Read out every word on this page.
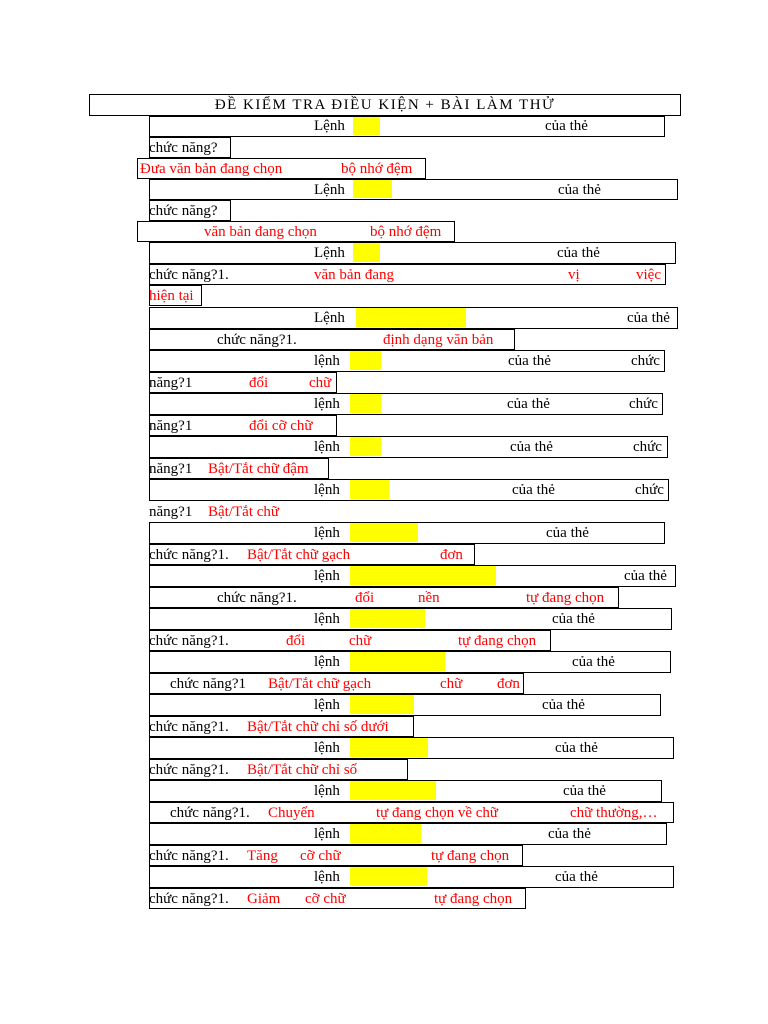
ĐỀ KIỂM TRA ĐIỀU KIỆN + BÀI LÀM THỬ
Lệnh	của thẻ
chức năng?
Đưa văn bản đang chọn	bộ nhớ đệm
Lệnh	của thẻ
chức năng?
văn bản đang chọn	bộ nhớ đệm
Lệnh	của thẻ
chức năng?1.	văn bản đang	vị	việc
hiện tại
Lệnh	của thẻ
chức năng?1.	định dạng văn bản
lệnh	của thẻ	chức
năng?1	đổi	chữ
lệnh	của thẻ	chức
năng?1	đổi cỡ chữ
lệnh	của thẻ	chức
năng?1 Bật/Tắt chữ đậm
lệnh	của thẻ	chức
năng?1 Bật/Tắt chữ
lệnh	của thẻ
chức năng?1. Bật/Tắt chữ gạch	đơn
lệnh	của thẻ
chức năng?1.	đổi	nền	tự đang chọn
lệnh	của thẻ
chức năng?1.	đổi	chữ	tự đang chọn
lệnh	của thẻ
chức năng?1 Bật/Tắt chữ gạch	chữ đơn
lệnh	của thẻ
chức năng?1. Bật/Tắt chữ chỉ số dưới
lệnh	của thẻ
chức năng?1. Bật/Tắt chữ chỉ số
lệnh	của thẻ
chức năng?1. Chuyển	tự đang chọn về chữ	chữ thường,…
lệnh	của thẻ
chức năng?1. Tăng cỡ chữ	tự đang chọn
lệnh	của thẻ
chức năng?1. Giảm cỡ chữ	tự đang chọn
